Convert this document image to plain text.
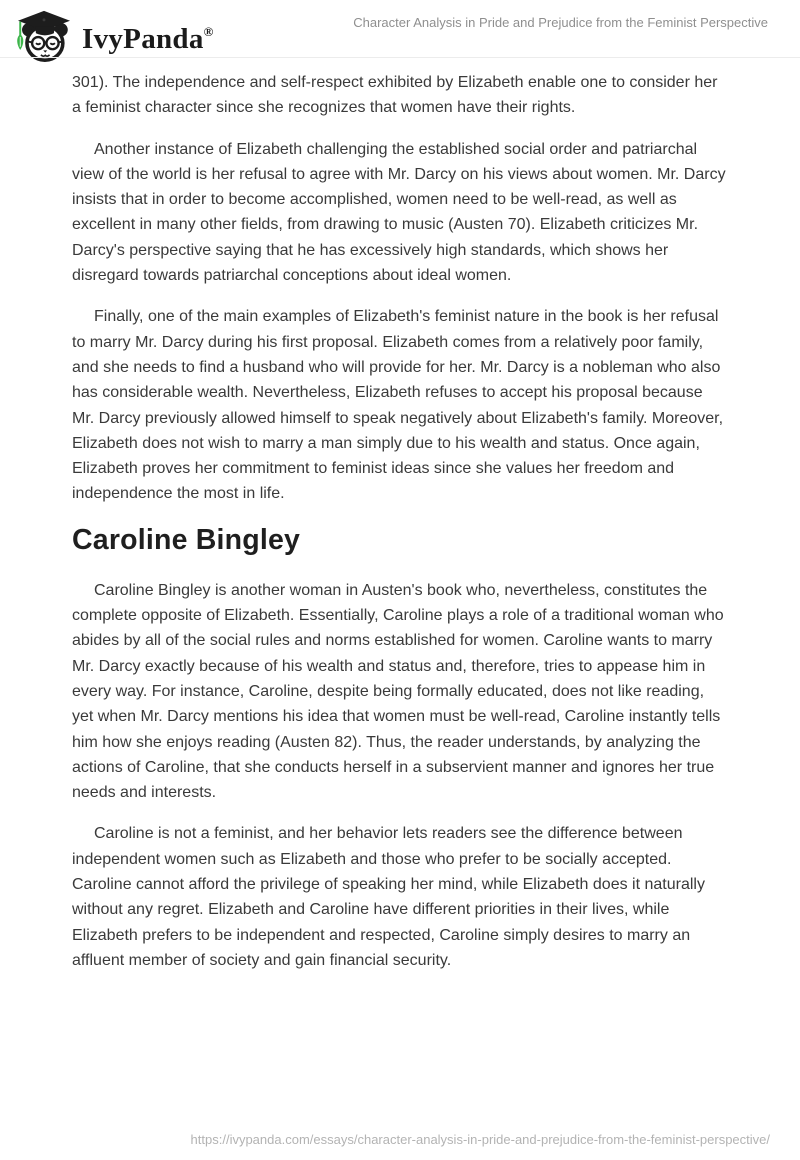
IvyPanda®
Character Analysis in Pride and Prejudice from the Feminist Perspective

301). The independence and self-respect exhibited by Elizabeth enable one to consider her a feminist character since she recognizes that women have their rights.

Another instance of Elizabeth challenging the established social order and patriarchal view of the world is her refusal to agree with Mr. Darcy on his views about women. Mr. Darcy insists that in order to become accomplished, women need to be well-read, as well as excellent in many other fields, from drawing to music (Austen 70). Elizabeth criticizes Mr. Darcy's perspective saying that he has excessively high standards, which shows her disregard towards patriarchal conceptions about ideal women.

Finally, one of the main examples of Elizabeth's feminist nature in the book is her refusal to marry Mr. Darcy during his first proposal. Elizabeth comes from a relatively poor family, and she needs to find a husband who will provide for her. Mr. Darcy is a nobleman who also has considerable wealth. Nevertheless, Elizabeth refuses to accept his proposal because Mr. Darcy previously allowed himself to speak negatively about Elizabeth's family. Moreover, Elizabeth does not wish to marry a man simply due to his wealth and status. Once again, Elizabeth proves her commitment to feminist ideas since she values her freedom and independence the most in life.

Caroline Bingley

Caroline Bingley is another woman in Austen's book who, nevertheless, constitutes the complete opposite of Elizabeth. Essentially, Caroline plays a role of a traditional woman who abides by all of the social rules and norms established for women. Caroline wants to marry Mr. Darcy exactly because of his wealth and status and, therefore, tries to appease him in every way. For instance, Caroline, despite being formally educated, does not like reading, yet when Mr. Darcy mentions his idea that women must be well-read, Caroline instantly tells him how she enjoys reading (Austen 82). Thus, the reader understands, by analyzing the actions of Caroline, that she conducts herself in a subservient manner and ignores her true needs and interests.

Caroline is not a feminist, and her behavior lets readers see the difference between independent women such as Elizabeth and those who prefer to be socially accepted. Caroline cannot afford the privilege of speaking her mind, while Elizabeth does it naturally without any regret. Elizabeth and Caroline have different priorities in their lives, while Elizabeth prefers to be independent and respected, Caroline simply desires to marry an affluent member of society and gain financial security.

https://ivypanda.com/essays/character-analysis-in-pride-and-prejudice-from-the-feminist-perspective/
